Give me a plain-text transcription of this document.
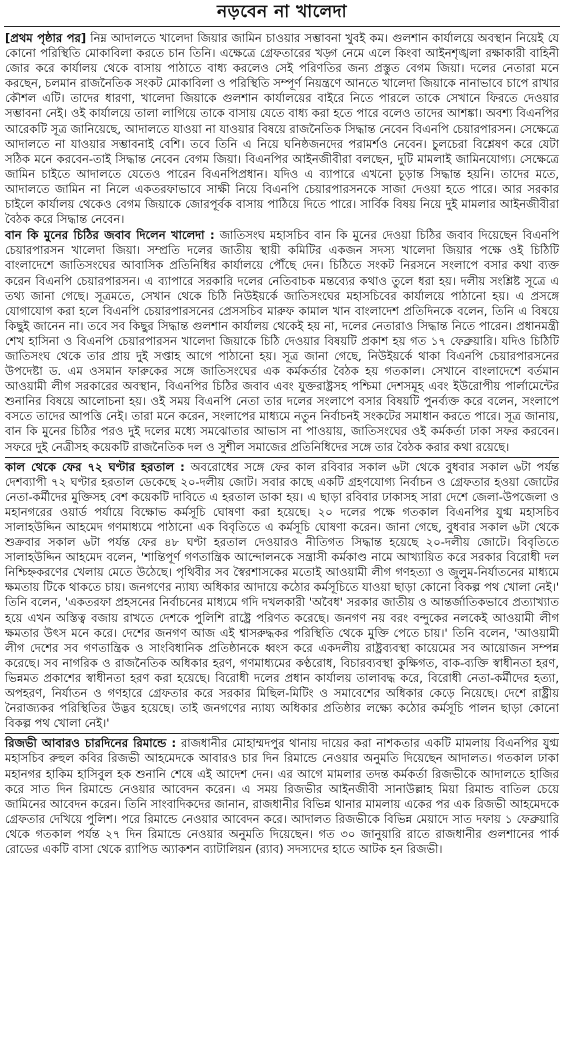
নড়বেন না খালেদা

[প্রথম পৃষ্ঠার পর] নিম্ন আদালতে খালেদা জিয়ার জামিন চাওয়ার সম্ভাবনা খুবই কম। গুলশান কার্যালয়ে অবস্থান নিয়েই যে কোনো পরিস্থিতি মোকাবিলা করতে চান তিনি। এক্ষেত্রে গ্রেফতারের খড়্গ নেমে এলে কিংবা আইনশৃঙ্খলা রক্ষাকারী বাহিনী জোর করে কার্যালয় থেকে বাসায় পাঠাতে বাধ্য করলেও সেই পরিণতির জন্য প্রস্তুত বেগম জিয়া। দলের নেতারা মনে করছেন, চলমান রাজনৈতিক সংকট মোকাবিলা ও পরিস্থিতি সম্পূর্ণ নিয়ন্ত্রণে আনতে খালেদা জিয়াকে নানাভাবে চাপে রাখার কৌশল এটি। তাদের ধারণা, খালেদা জিয়াকে গুলশান কার্যালয়ের বাইরে নিতে পারলে তাকে সেখানে ফিরতে দেওয়ার সম্ভাবনা নেই। ওই কার্যালয়ে তালা লাগিয়ে তাকে বাসায় যেতে বাধ্য করা হতে পারে বলেও তাদের আশঙ্কা। অবশ্য বিএনপির আরেকটি সূত্র জানিয়েছে, আদালতে যাওয়া না যাওয়ার বিষয়ে রাজনৈতিক সিদ্ধান্ত নেবেন বিএনপি চেয়ারপারসন। সেক্ষেত্রে আদালতে না যাওয়ার সম্ভাবনাই বেশি। তবে তিনি এ নিয়ে ঘনিষ্ঠজনদের পরামর্শও নেবেন। চুলচেরা বিশ্লেষণ করে যেটা সঠিক মনে করবেন-তাই সিদ্ধান্ত নেবেন বেগম জিয়া। বিএনপির আইনজীবীরা বলছেন, দুটি মামলাই জামিনযোগ্য। সেক্ষেত্রে জামিন চাইতে আদালতে যেতেও পারেন বিএনপিপ্রধান। যদিও এ ব্যাপারে এখনো চূড়ান্ত সিদ্ধান্ত হয়নি। তাদের মতে, আদালতে জামিন না নিলে একতরফাভাবে সাক্ষী নিয়ে বিএনপি চেয়ারপারসনকে সাজা দেওয়া হতে পারে। আর সরকার চাইলে কার্যালয় থেকেও বেগম জিয়াকে জোরপূর্বক বাসায় পাঠিয়ে দিতে পারে। সার্বিক বিষয় নিয়ে দুই মামলার আইনজীবীরা বৈঠক করে সিদ্ধান্ত নেবেন।

বান কি মুনের চিঠির জবাব দিলেন খালেদা : জাতিসংঘ মহাসচিব বান কি মুনের দেওয়া চিঠির জবাব দিয়েছেন বিএনপি চেয়ারপারসন খালেদা জিয়া। সম্প্রতি দলের জাতীয় স্থায়ী কমিটির একজন সদস্য খালেদা জিয়ার পক্ষে ওই চিঠিটি বাংলাদেশে জাতিসংঘের আবাসিক প্রতিনিধির কার্যালয়ে পৌঁছে দেন। চিঠিতে সংকট নিরসনে সংলাপে বসার কথা ব্যক্ত করেন বিএনপি চেয়ারপারসন। এ ব্যাপারে সরকারি দলের নেতিবাচক মন্তব্যের কথাও তুলে ধরা হয়। দলীয় সংশ্লিষ্ট সূত্রে এ তথ্য জানা গেছে। সূত্রমতে, সেখান থেকে চিঠি নিউইয়র্কে জাতিসংঘের মহাসচিবের কার্যালয়ে পাঠানো হয়। এ প্রসঙ্গে যোগাযোগ করা হলে বিএনপি চেয়ারপারসনের প্রেসসচিব মারুফ কামাল খান বাংলাদেশ প্রতিদিনকে বলেন, তিনি এ বিষয়ে কিছুই জানেন না। তবে সব কিছুর সিদ্ধান্ত গুলশান কার্যালয় থেকেই হয় না, দলের নেতারাও সিদ্ধান্ত নিতে পারেন। প্রধানমন্ত্রী শেখ হাসিনা ও বিএনপি চেয়ারপারসন খালেদা জিয়াকে চিঠি দেওয়ার বিষয়টি প্রকাশ হয় গত ১৭ ফেব্রুয়ারি। যদিও চিঠিটি জাতিসংঘ থেকে তার প্রায় দুই সপ্তাহ আগে পাঠানো হয়। সূত্র জানা গেছে, নিউইয়র্কে থাকা বিএনপি চেয়ারপারসনের উপদেষ্টা ড. এম ওসমান ফারুকের সঙ্গে জাতিসংঘের এক কর্মকর্তার বৈঠক হয় গতকাল। সেখানে বাংলাদেশে বর্তমান আওয়ামী লীগ সরকারের অবস্থান, বিএনপির চিঠির জবাব এবং যুক্তরাষ্ট্রসহ পশ্চিমা দেশসমূহ এবং ইউরোপীয় পার্লামেন্টের শুনানির বিষয়ে আলোচনা হয়। ওই সময় বিএনপি নেতা তার দলের সংলাপে বসার বিষয়টি পুনর্ব্যক্ত করে বলেন, সংলাপে বসতে তাদের আপত্তি নেই। তারা মনে করেন, সংলাপের মাধ্যমে নতুন নির্বাচনই সংকটের সমাধান করতে পারে। সূত্র জানায়, বান কি মুনের চিঠির পরও দুই দলের মধ্যে সমঝোতার আভাস না পাওয়ায়, জাতিসংঘের ওই কর্মকর্তা ঢাকা সফর করবেন। সফরে দুই নেত্রীসহ কয়েকটি রাজনৈতিক দল ও সুশীল সমাজের প্রতিনিধিদের সঙ্গে তার বৈঠক করার কথা রয়েছে।

কাল থেকে ফের ৭২ ঘণ্টার হরতাল : অবরোধের সঙ্গে ফের কাল রবিবার সকাল ৬টা থেকে বুধবার সকাল ৬টা পর্যন্ত দেশব্যাপী ৭২ ঘণ্টার হরতাল ডেকেছে ২০-দলীয় জোট। সবার কাছে একটি গ্রহণযোগ্য নির্বাচন ও গ্রেফতার হওয়া জোটের নেতা-কর্মীদের মুক্তিসহ বেশ কয়েকটি দাবিতে এ হরতাল ডাকা হয়। এ ছাড়া রবিবার ঢাকাসহ সারা দেশে জেলা-উপজেলা ও মহানগরের ওয়ার্ড পর্যায়ে বিক্ষোভ কর্মসূচি ঘোষণা করা হয়েছে। ২০ দলের পক্ষে গতকাল বিএনপির যুগ্ম মহাসচিব সালাহউদ্দিন আহমেদ গণমাধ্যমে পাঠানো এক বিবৃতিতে এ কর্মসূচি ঘোষণা করেন। জানা গেছে, বুধবার সকাল ৬টা থেকে শুক্রবার সকাল ৬টা পর্যন্ত ফের ৪৮ ঘণ্টা হরতাল দেওয়ারও নীতিগত সিদ্ধান্ত হয়েছে ২০-দলীয় জোটে। বিবৃতিতে সালাহউদ্দিন আহমেদ বলেন, 'শান্তিপূর্ণ গণতান্ত্রিক আন্দোলনকে সন্ত্রাসী কর্মকাণ্ড নামে আখ্যায়িত করে সরকার বিরোধী দল নিশ্চিহ্নকরণের খেলায় মেতে উঠেছে। পৃথিবীর সব স্বৈরশাসকের মতোই আওয়ামী লীগ গণহত্যা ও জুলুম-নির্যাতনের মাধ্যমে ক্ষমতায় টিকে থাকতে চায়। জনগণের ন্যায্য অধিকার আদায়ে কঠোর কর্মসূচিতে যাওয়া ছাড়া কোনো বিকল্প পথ খোলা নেই।' তিনি বলেন, 'একতরফা প্রহসনের নির্বাচনের মাধ্যমে গদি দখলকারী 'অবৈধ' সরকার জাতীয় ও আন্তর্জাতিকভাবে প্রত্যাখ্যাত হয়ে এখন অস্তিত্ব বজায় রাখতে দেশকে পুলিশি রাষ্ট্রে পরিণত করেছে। জনগণ নয় বরং বন্দুকের নলকেই আওয়ামী লীগ ক্ষমতার উৎস মনে করে। দেশের জনগণ আজ এই শ্বাসরুদ্ধকর পরিস্থিতি থেকে মুক্তি পেতে চায়।' তিনি বলেন, 'আওয়ামী লীগ দেশের সব গণতান্ত্রিক ও সাংবিধানিক প্রতিষ্ঠানকে ধ্বংস করে একদলীয় রাষ্ট্রব্যবস্থা কায়েমের সব আয়োজন সম্পন্ন করেছে। সব নাগরিক ও রাজনৈতিক অধিকার হরণ, গণমাধ্যমের কণ্ঠরোধ, বিচারব্যবস্থা কুক্ষিগত, বাক-ব্যক্তি স্বাধীনতা হরণ, ভিন্নমত প্রকাশের স্বাধীনতা হরণ করা হয়েছে। বিরোধী দলের প্রধান কার্যালয় তালাবদ্ধ করে, বিরোধী নেতা-কর্মীদের হত্যা, অপহরণ, নির্যাতন ও গণহারে গ্রেফতার করে সরকার মিছিল-মিটিং ও সমাবেশের অধিকার কেড়ে নিয়েছে। দেশে রাষ্ট্রীয় নৈরাজ্যকর পরিস্থিতির উদ্ভব হয়েছে। তাই জনগণের ন্যায্য অধিকার প্রতিষ্ঠার লক্ষ্যে কঠোর কর্মসূচি পালন ছাড়া কোনো বিকল্প পথ খোলা নেই।'

রিজভী আবারও চারদিনের রিমান্ডে : রাজধানীর মোহাম্মদপুর থানায় দায়ের করা নাশকতার একটি মামলায় বিএনপির যুগ্ম মহাসচিব রুহুল কবির রিজভী আহমেদকে আবারও চার দিন রিমান্ডে নেওয়ার অনুমতি দিয়েছেন আদালত। গতকাল ঢাকা মহানগর হাকিম হাসিবুল হক শুনানি শেষে এই আদেশ দেন। এর আগে মামলার তদন্ত কর্মকর্তা রিজভীকে আদালতে হাজির করে সাত দিন রিমান্ডে নেওয়ার আবেদন করেন। এ সময় রিজভীর আইনজীবী সানাউল্লাহ মিয়া রিমান্ড বাতিল চেয়ে জামিনের আবেদন করেন। তিনি সাংবাদিকদের জানান, রাজধানীর বিভিন্ন থানার মামলায় একের পর এক রিজভী আহমেদকে গ্রেফতার দেখিয়ে পুলিশ। পরে রিমান্ডে নেওয়ার আবেদন করে। আদালত রিজভীকে বিভিন্ন মেয়াদে সাত দফায় ১ ফেব্রুয়ারি থেকে গতকাল পর্যন্ত ২৭ দিন রিমান্ডে নেওয়ার অনুমতি দিয়েছেন। গত ৩০ জানুয়ারি রাতে রাজধানীর গুলশানের পার্ক রোডের একটি বাসা থেকে র‌্যাপিড অ্যাকশন ব্যাটালিয়ন (র‌্যাব) সদস্যদের হাতে আটক হন রিজভী।
